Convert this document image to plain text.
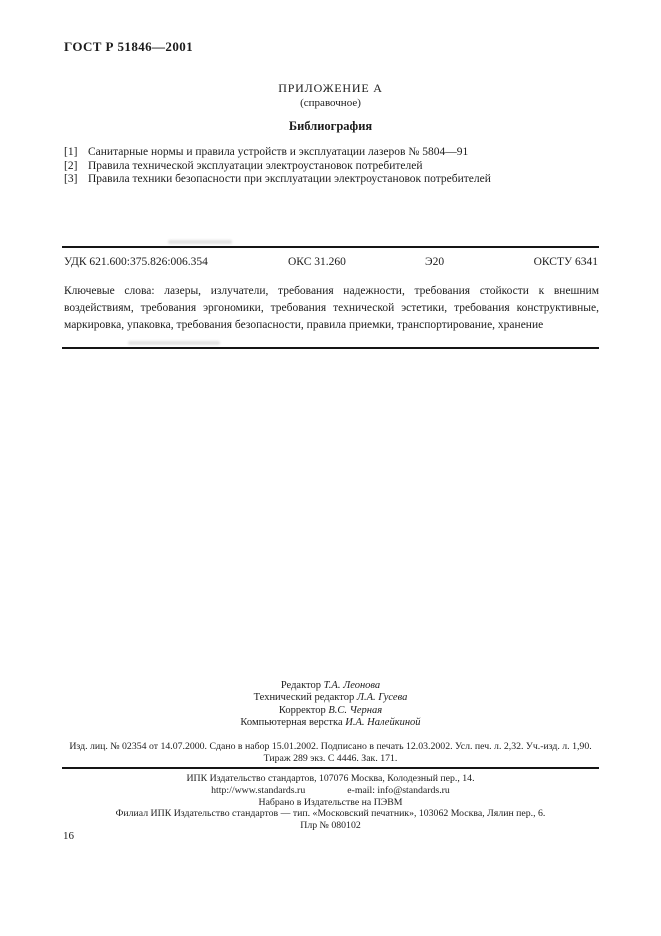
ГОСТ Р 51846—2001
ПРИЛОЖЕНИЕ А
(справочное)
Библиография
[1] Санитарные нормы и правила устройств и эксплуатации лазеров № 5804—91
[2] Правила технической эксплуатации электроустановок потребителей
[3] Правила техники безопасности при эксплуатации электроустановок потребителей
УДК 621.600:375.826:006.354	ОКС 31.260	Э20	ОКСТУ 6341
Ключевые слова: лазеры, излучатели, требования надежности, требования стойкости к внешним воздействиям, требования эргономики, требования технической эстетики, требования конструктивные, маркировка, упаковка, требования безопасности, правила приемки, транспортирование, хранение
Редактор Т.А. Леонова
Технический редактор Л.А. Гусева
Корректор В.С. Черная
Компьютерная верстка И.А. Налейкиной
Изд. лиц. № 02354 от 14.07.2000. Сдано в набор 15.01.2002. Подписано в печать 12.03.2002. Усл. печ. л. 2,32. Уч.-изд. л. 1,90.
Тираж 289 экз. С 4446. Зак. 171.
ИПК Издательство стандартов, 107076 Москва, Колодезный пер., 14.
http://www.standards.ru	e-mail: info@standards.ru
Набрано в Издательстве на ПЭВМ
Филиал ИПК Издательство стандартов — тип. «Московский печатник», 103062 Москва, Лялин пер., 6.
Плр № 080102
16
